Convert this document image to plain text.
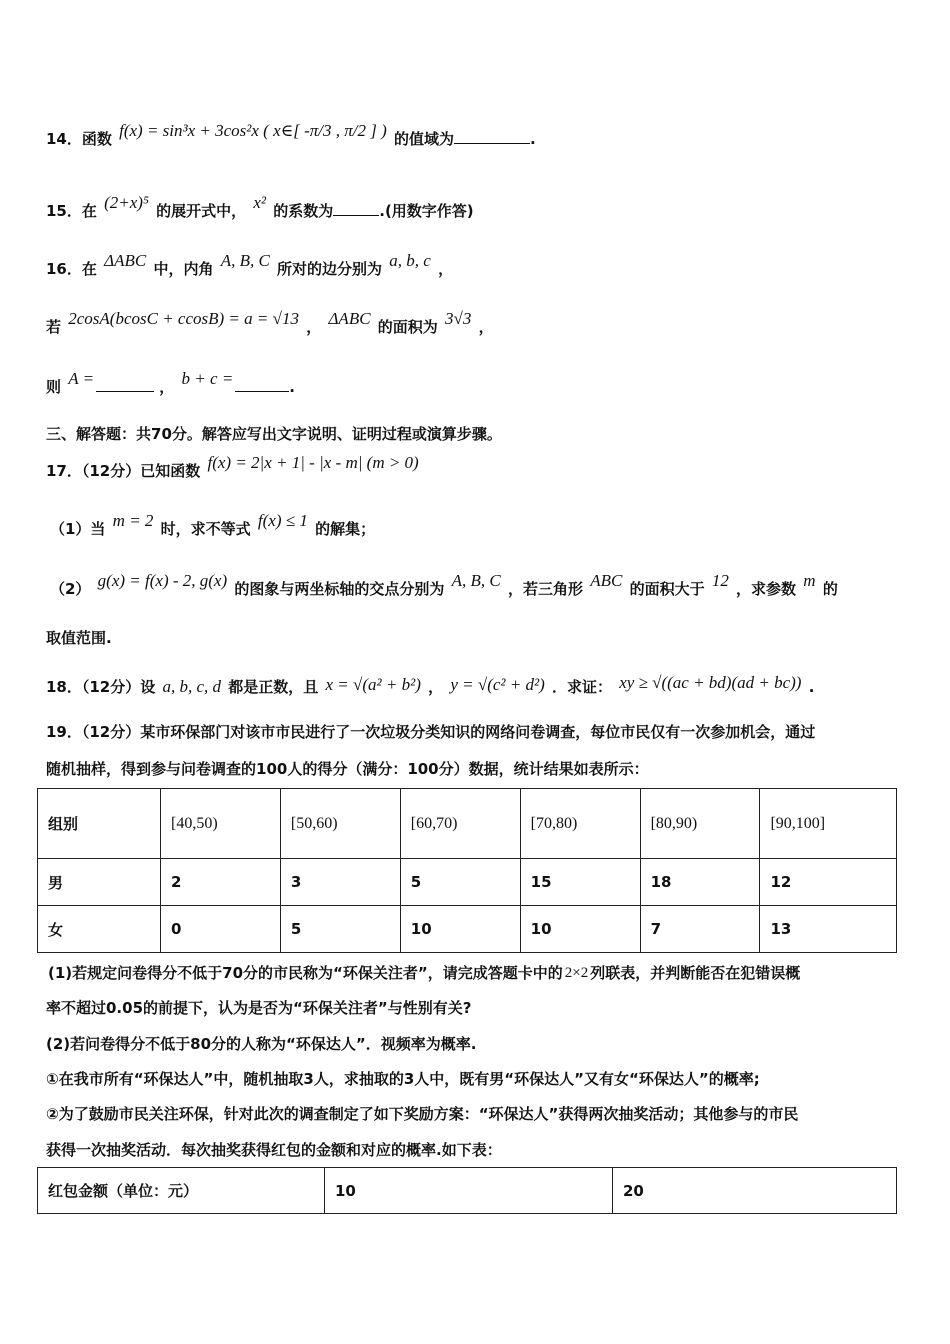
14．函数 f(x) = sin³x + 3cos²x ( x∈[ -π/3 , π/2 ] ) 的值域为	.
15．在 (2+x)⁵ 的展开式中， x² 的系数为	.(用数字作答)
16．在 ΔABC 中，内角 A, B, C 所对的边分别为 a, b, c ，
若 2cosA(bcosC + ccosB) = a = √13 ， ΔABC 的面积为 3√3 ，
则 A =	， b + c =	.
三、解答题：共70分。解答应写出文字说明、证明过程或演算步骤。
17．（12分）已知函数 f(x) = 2|x + 1| - |x - m| (m > 0)
（1）当 m = 2 时，求不等式 f(x) ≤ 1 的解集；
（2） g(x) = f(x) - 2, g(x) 的图象与两坐标轴的交点分别为 A, B, C ，若三角形 ABC 的面积大于 12 ，求参数 m 的
取值范围.
18．（12分）设 a, b, c, d 都是正数，且 x = √(a² + b²) ， y = √(c² + d²) ．求证： xy ≥ √((ac + bd)(ad + bc)) .
19．（12分）某市环保部门对该市市民进行了一次垃圾分类知识的网络问卷调查，每位市民仅有一次参加机会，通过
随机抽样，得到参与问卷调查的100人的得分（满分：100分）数据，统计结果如表所示：
组别	[40,50)	[50,60)	[60,70)	[70,80)	[80,90)	[90,100]
男	2	3	5	15	18	12
女	0	5	10	10	7	13
(1)若规定问卷得分不低于70分的市民称为“环保关注者”，请完成答题卡中的 2×2 列联表，并判断能否在犯错误概
率不超过0.05的前提下，认为是否为“环保关注者”与性别有关?
(2)若问卷得分不低于80分的人称为“环保达人”．视频率为概率.
①在我市所有“环保达人”中，随机抽取3人，求抽取的3人中，既有男“环保达人”又有女“环保达人”的概率;
②为了鼓励市民关注环保，针对此次的调查制定了如下奖励方案：“环保达人”获得两次抽奖活动；其他参与的市民
获得一次抽奖活动．每次抽奖获得红包的金额和对应的概率.如下表：
红包金额（单位：元）	10	20
